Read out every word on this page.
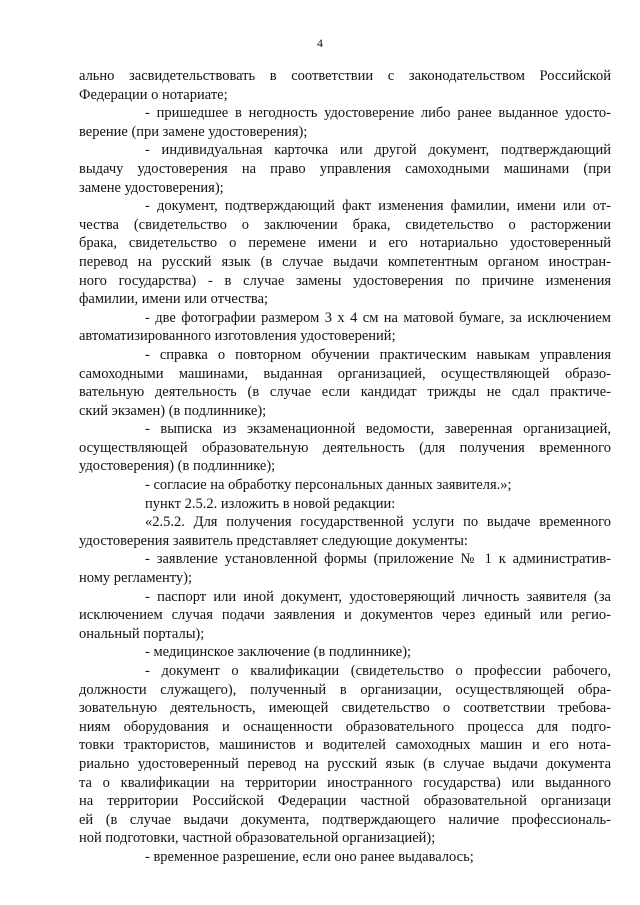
4
ально засвидетельствовать в соответствии с законодательством Российской
Федерации о нотариате;
- пришедшее в негодность удостоверение либо ранее выданное удосто-
верение (при замене удостоверения);
- индивидуальная карточка или другой документ, подтверждающий
выдачу удостоверения на право управления самоходными машинами (при
замене удостоверения);
- документ, подтверждающий факт изменения фамилии, имени или от-
чества (свидетельство о заключении брака, свидетельство о расторжении
брака, свидетельство о перемене имени и его нотариально удостоверенный
перевод на русский язык (в случае выдачи компетентным органом иностран-
ного государства) - в случае замены удостоверения по причине изменения
фамилии, имени или отчества;
- две фотографии размером 3 х 4 см на матовой бумаге, за исключением
автоматизированного изготовления удостоверений;
- справка о повторном обучении практическим навыкам управления
самоходными машинами, выданная организацией, осуществляющей образо-
вательную деятельность (в случае если кандидат трижды не сдал практиче-
ский экзамен) (в подлиннике);
- выписка из экзаменационной ведомости, заверенная организацией,
осуществляющей образовательную деятельность (для получения временного
удостоверения) (в подлиннике);
- согласие на обработку персональных данных заявителя.»;
пункт 2.5.2. изложить в новой редакции:
«2.5.2. Для получения государственной услуги по выдаче временного
удостоверения заявитель представляет следующие документы:
- заявление установленной формы (приложение № 1 к административ-
ному регламенту);
- паспорт или иной документ, удостоверяющий личность заявителя (за
исключением случая подачи заявления и документов через единый или регио-
ональный порталы);
- медицинское заключение (в подлиннике);
- документ о квалификации (свидетельство о профессии рабочего,
должности служащего), полученный в организации, осуществляющей обра-
зовательную деятельность, имеющей свидетельство о соответствии требова-
ниям оборудования и оснащенности образовательного процесса для подго-
товки трактористов, машинистов и водителей самоходных машин и его нота-
риально удостоверенный перевод на русский язык (в случае выдачи документа
та о квалификации на территории иностранного государства) или выданного
на территории Российской Федерации частной образовательной организаци
ей (в случае выдачи документа, подтверждающего наличие профессиональ-
ной подготовки, частной образовательной организацией);
- временное разрешение, если оно ранее выдавалось;
